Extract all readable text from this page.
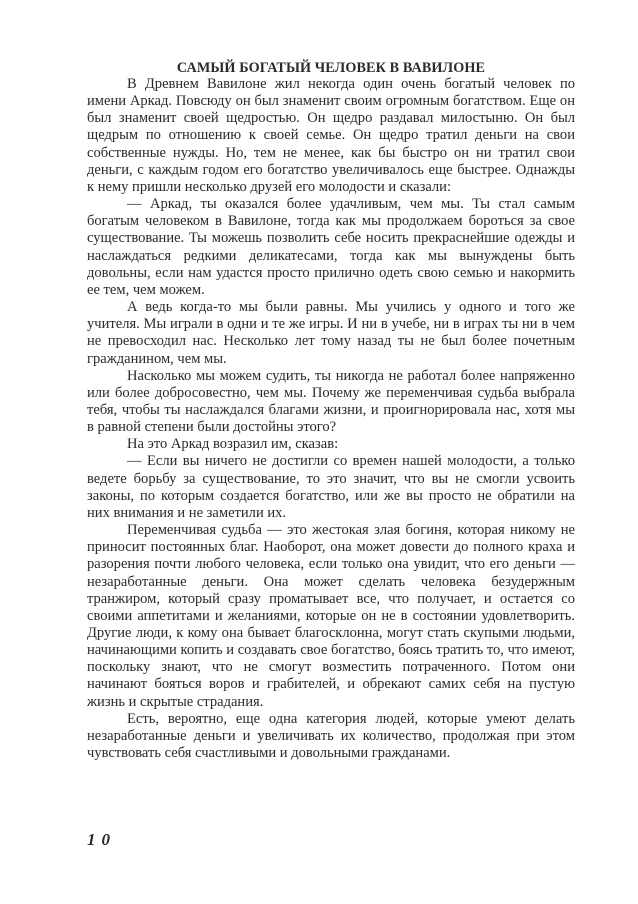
САМЫЙ БОГАТЫЙ ЧЕЛОВЕК В ВАВИЛОНЕ

В Древнем Вавилоне жил некогда один очень богатый человек по имени Аркад. Повсюду он был знаменит своим огромным богатством. Еще он был знаменит своей щедростью. Он щедро раздавал милостыню. Он был щедрым по отношению к своей семье. Он щедро тратил деньги на свои собственные нужды. Но, тем не менее, как бы быстро он ни тратил свои деньги, с каждым годом его богатство увеличивалось еще быстрее. Однажды к нему пришли несколько друзей его молодости и сказали:

— Аркад, ты оказался более удачливым, чем мы. Ты стал самым богатым человеком в Вавилоне, тогда как мы продолжаем бороться за свое существование. Ты можешь позволить себе носить прекраснейшие одежды и наслаждаться редкими деликатесами, тогда как мы вынуждены быть довольны, если нам удастся просто прилично одеть свою семью и накормить ее тем, чем можем.

А ведь когда-то мы были равны. Мы учились у одного и того же учителя. Мы играли в одни и те же игры. И ни в учебе, ни в играх ты ни в чем не превосходил нас. Несколько лет тому назад ты не был более почетным гражданином, чем мы.

Насколько мы можем судить, ты никогда не работал более напряженно или более добросовестно, чем мы. Почему же переменчивая судьба выбрала тебя, чтобы ты наслаждался благами жизни, и проигнорировала нас, хотя мы в равной степени были достойны этого?

На это Аркад возразил им, сказав:

— Если вы ничего не достигли со времен нашей молодости, а только ведете борьбу за существование, то это значит, что вы не смогли усвоить законы, по которым создается богатство, или же вы просто не обратили на них внимания и не заметили их.

Переменчивая судьба — это жестокая злая богиня, которая никому не приносит постоянных благ. Наоборот, она может довести до полного краха и разорения почти любого человека, если только она увидит, что его деньги — незаработанные деньги. Она может сделать человека безудержным транжиром, который сразу проматывает все, что получает, и остается со своими аппетитами и желаниями, которые он не в состоянии удовлетворить. Другие люди, к кому она бывает благосклонна, могут стать скупыми людьми, начинающими копить и создавать свое богатство, боясь тратить то, что имеют, поскольку знают, что не смогут возместить потраченного. Потом они начинают бояться воров и грабителей, и обрекают самих себя на пустую жизнь и скрытые страдания.

Есть, вероятно, еще одна категория людей, которые умеют делать незаработанные деньги и увеличивать их количество, продолжая при этом чувствовать себя счастливыми и довольными гражданами.

10
